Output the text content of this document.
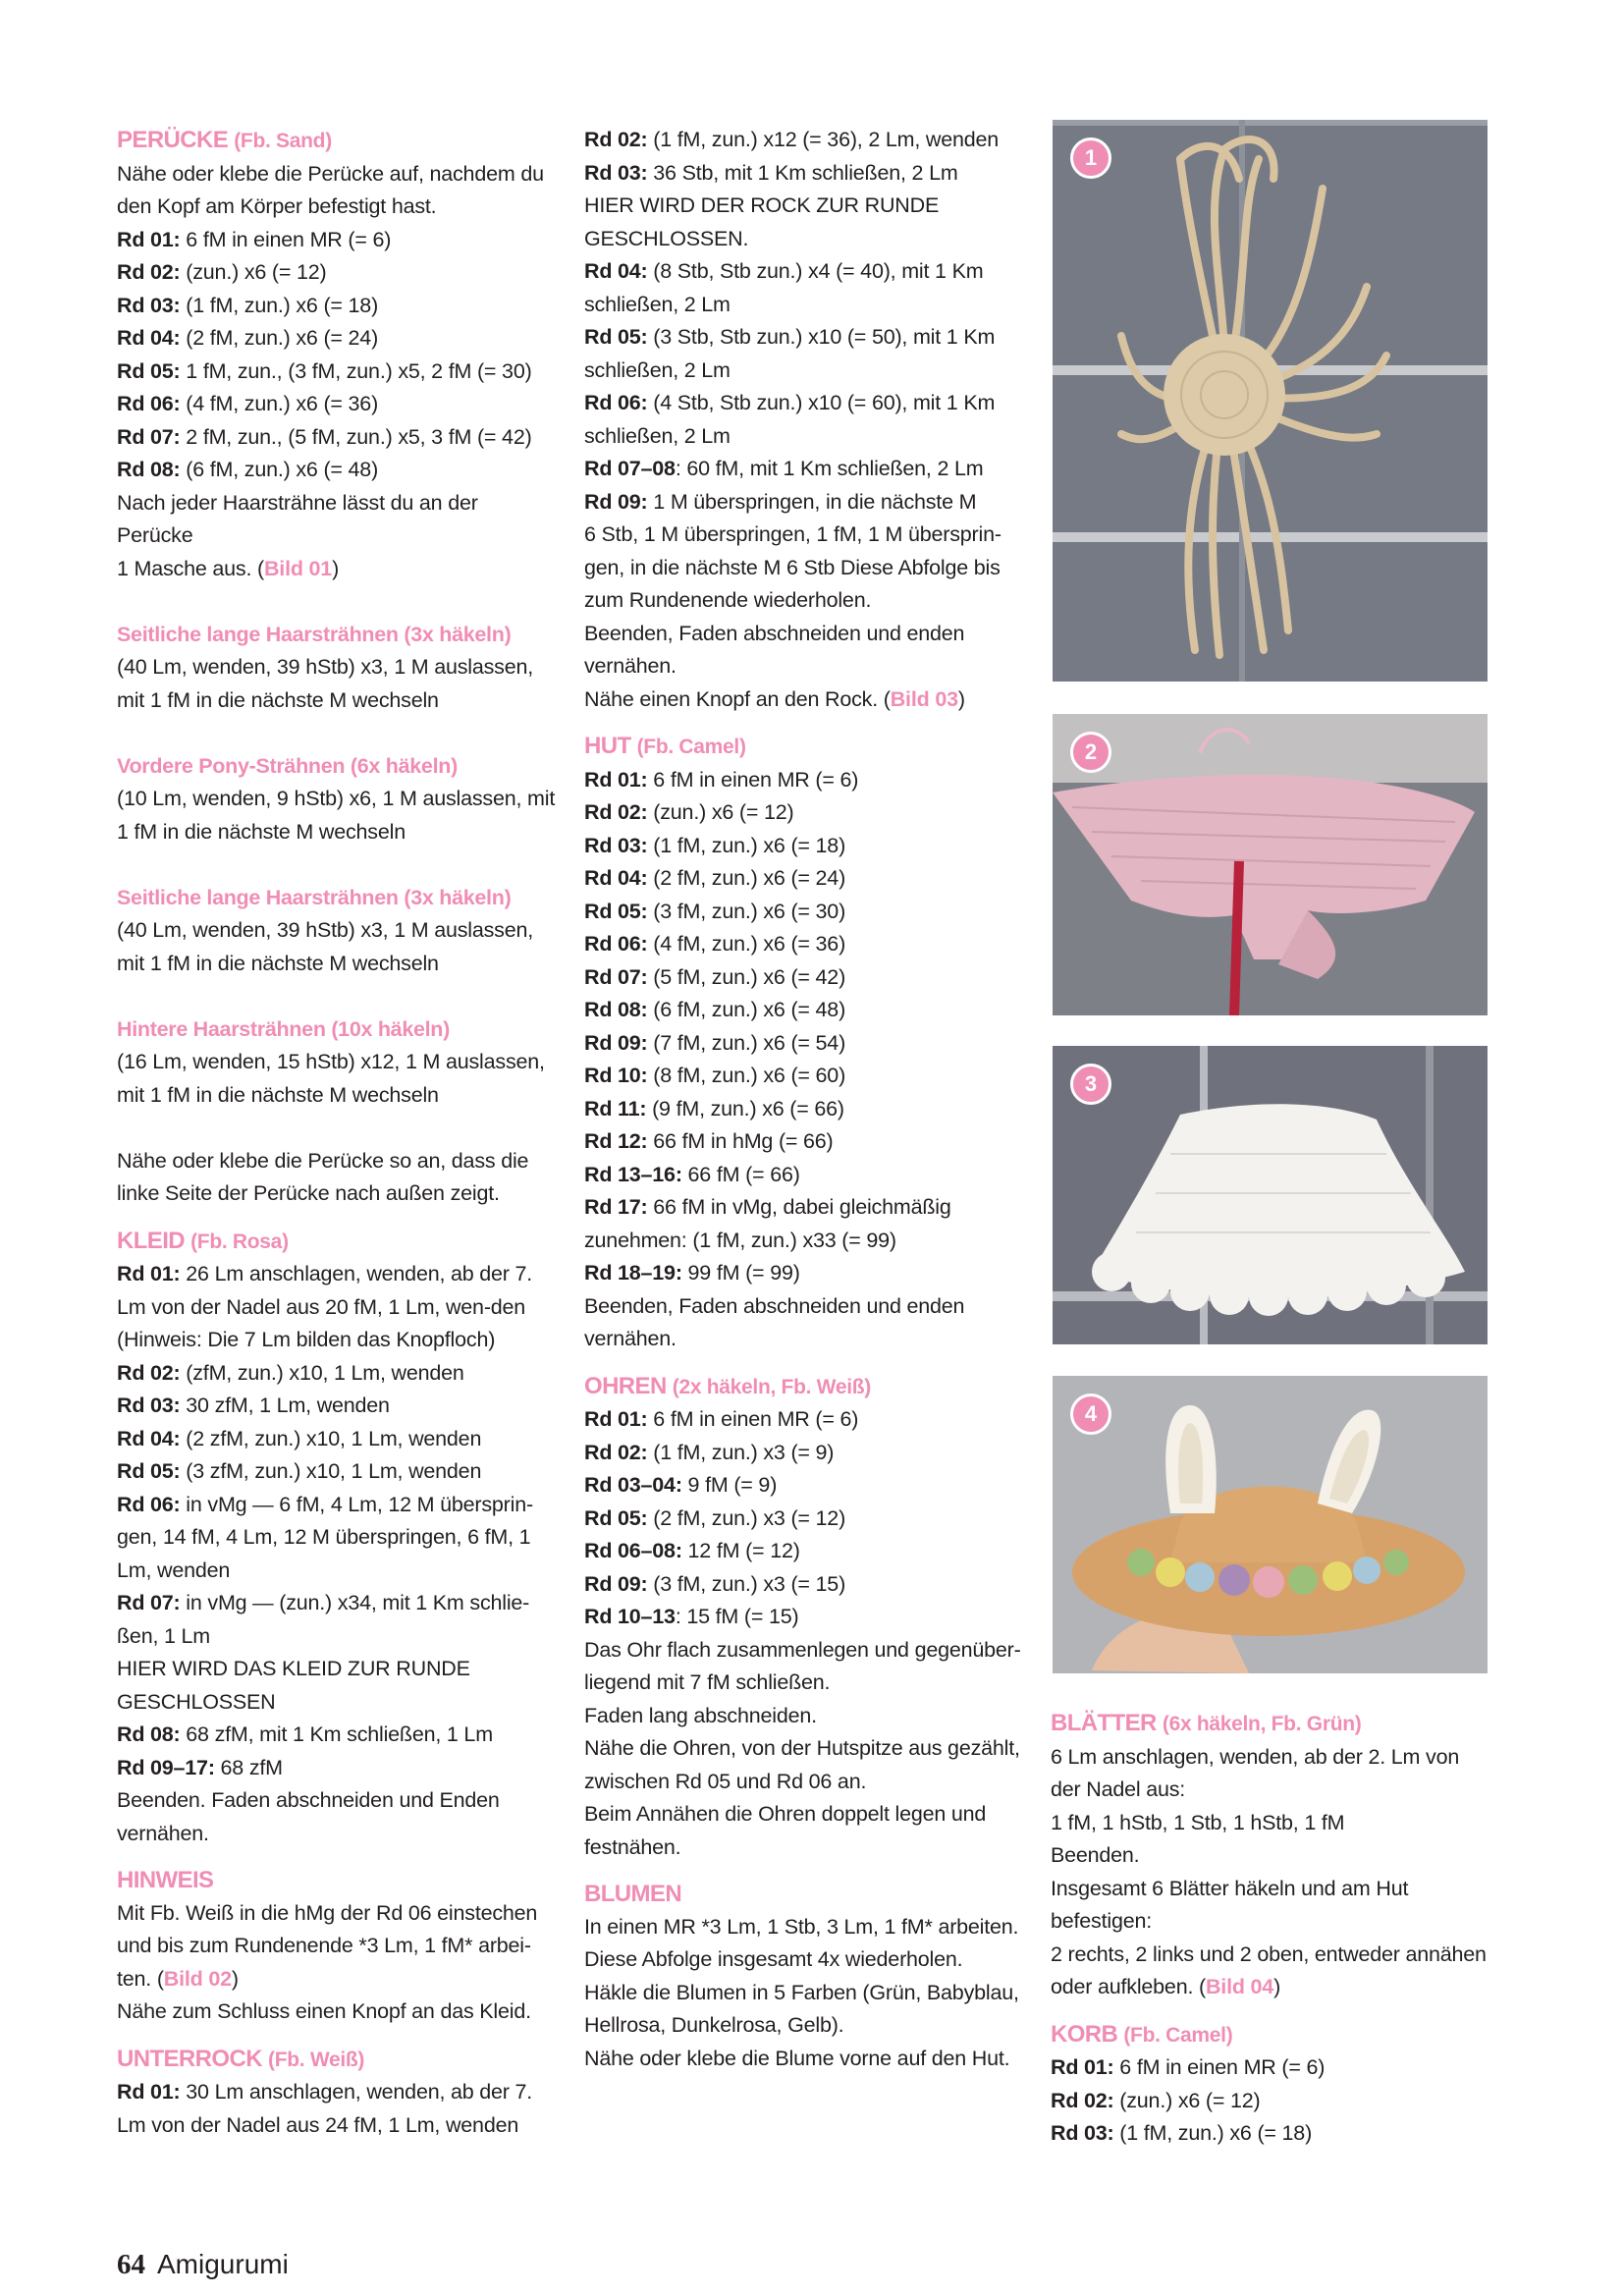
PERÜCKE (Fb. Sand)

Nähe oder klebe die Perücke auf, nachdem du

den Kopf am Körper befestigt hast.

Rd 01: 6 fM in einen MR (= 6)

Rd 02: (zun.) x6 (= 12)

Rd 03: (1 fM, zun.) x6 (= 18)

Rd 04: (2 fM, zun.) x6 (= 24)

Rd 05: 1 fM, zun., (3 fM, zun.) x5, 2 fM (= 30)

Rd 06: (4 fM, zun.) x6 (= 36)

Rd 07: 2 fM, zun., (5 fM, zun.) x5, 3 fM (= 42)

Rd 08: (6 fM, zun.) x6 (= 48)

Nach jeder Haarsträhne lässt du an der Perücke

1 Masche aus. (Bild 01)

Seitliche lange Haarsträhnen (3x häkeln)

(40 Lm, wenden, 39 hStb) x3, 1 M auslassen,

mit 1 fM in die nächste M wechseln

Vordere Pony-Strähnen (6x häkeln)

(10 Lm, wenden, 9 hStb) x6, 1 M auslassen, mit

1 fM in die nächste M wechseln

Seitliche lange Haarsträhnen (3x häkeln)

(40 Lm, wenden, 39 hStb) x3, 1 M auslassen,

mit 1 fM in die nächste M wechseln

Hintere Haarsträhnen (10x häkeln)

(16 Lm, wenden, 15 hStb) x12, 1 M auslassen,

mit 1 fM in die nächste M wechseln

Nähe oder klebe die Perücke so an, dass die

linke Seite der Perücke nach außen zeigt.

KLEID (Fb. Rosa)

Rd 01: 26 Lm anschlagen, wenden, ab der 7.

Lm von der Nadel aus 20 fM, 1 Lm, wen-den

(Hinweis: Die 7 Lm bilden das Knopfloch)

Rd 02: (zfM, zun.) x10, 1 Lm, wenden

Rd 03: 30 zfM, 1 Lm, wenden

Rd 04: (2 zfM, zun.) x10, 1 Lm, wenden

Rd 05: (3 zfM, zun.) x10, 1 Lm, wenden

Rd 06: in vMg — 6 fM, 4 Lm, 12 M übersprin-

gen, 14 fM, 4 Lm, 12 M überspringen, 6 fM, 1

Lm, wenden

Rd 07: in vMg — (zun.) x34, mit 1 Km schlie-

ßen, 1 Lm

HIER WIRD DAS KLEID ZUR RUNDE

GESCHLOSSEN

Rd 08: 68 zfM, mit 1 Km schließen, 1 Lm

Rd 09–17: 68 zfM

Beenden. Faden abschneiden und Enden

vernähen.

HINWEIS

Mit Fb. Weiß in die hMg der Rd 06 einstechen

und bis zum Rundenende *3 Lm, 1 fM* arbei-

ten. (Bild 02)

Nähe zum Schluss einen Knopf an das Kleid.

UNTERROCK (Fb. Weiß)

Rd 01: 30 Lm anschlagen, wenden, ab der 7.

Lm von der Nadel aus 24 fM, 1 Lm, wenden

Rd 02: (1 fM, zun.) x12 (= 36), 2 Lm, wenden

Rd 03: 36 Stb, mit 1 Km schließen, 2 Lm

HIER WIRD DER ROCK ZUR RUNDE

GESCHLOSSEN.

Rd 04: (8 Stb, Stb zun.) x4 (= 40), mit 1 Km

schließen, 2 Lm

Rd 05: (3 Stb, Stb zun.) x10 (= 50), mit 1 Km

schließen, 2 Lm

Rd 06: (4 Stb, Stb zun.) x10 (= 60), mit 1 Km

schließen, 2 Lm

Rd 07–08: 60 fM, mit 1 Km schließen, 2 Lm

Rd 09: 1 M überspringen, in die nächste M

6 Stb, 1 M überspringen, 1 fM, 1 M übersprin-

gen, in die nächste M 6 Stb Diese Abfolge bis

zum Rundenende wiederholen.

Beenden, Faden abschneiden und enden

vernähen.

Nähe einen Knopf an den Rock. (Bild 03)

HUT (Fb. Camel)

Rd 01: 6 fM in einen MR (= 6)

Rd 02: (zun.) x6 (= 12)

Rd 03: (1 fM, zun.) x6 (= 18)

Rd 04: (2 fM, zun.) x6 (= 24)

Rd 05: (3 fM, zun.) x6 (= 30)

Rd 06: (4 fM, zun.) x6 (= 36)

Rd 07: (5 fM, zun.) x6 (= 42)

Rd 08: (6 fM, zun.) x6 (= 48)

Rd 09: (7 fM, zun.) x6 (= 54)

Rd 10: (8 fM, zun.) x6 (= 60)

Rd 11: (9 fM, zun.) x6 (= 66)

Rd 12: 66 fM in hMg (= 66)

Rd 13–16: 66 fM (= 66)

Rd 17: 66 fM in vMg, dabei gleichmäßig

zunehmen: (1 fM, zun.) x33 (= 99)

Rd 18–19: 99 fM (= 99)

Beenden, Faden abschneiden und enden

vernähen.

OHREN (2x häkeln, Fb. Weiß)

Rd 01: 6 fM in einen MR (= 6)

Rd 02: (1 fM, zun.) x3 (= 9)

Rd 03–04: 9 fM (= 9)

Rd 05: (2 fM, zun.) x3 (= 12)

Rd 06–08: 12 fM (= 12)

Rd 09: (3 fM, zun.) x3 (= 15)

Rd 10–13: 15 fM (= 15)

Das Ohr flach zusammenlegen und gegenüber-

liegend mit 7 fM schließen.

Faden lang abschneiden.

Nähe die Ohren, von der Hutspitze aus gezählt,

zwischen Rd 05 und Rd 06 an.

Beim Annähen die Ohren doppelt legen und

festnähen.

BLUMEN

In einen MR *3 Lm, 1 Stb, 3 Lm, 1 fM* arbeiten.

Diese Abfolge insgesamt 4x wiederholen.

Häkle die Blumen in 5 Farben (Grün, Babyblau,

Hellrosa, Dunkelrosa, Gelb).

Nähe oder klebe die Blume vorne auf den Hut.

1
2
3
4

BLÄTTER (6x häkeln, Fb. Grün)

6 Lm anschlagen, wenden, ab der 2. Lm von

der Nadel aus:

1 fM, 1 hStb, 1 Stb, 1 hStb, 1 fM

Beenden.

Insgesamt 6 Blätter häkeln und am Hut

befestigen:

2 rechts, 2 links und 2 oben, entweder annähen

oder aufkleben. (Bild 04)

KORB (Fb. Camel)

Rd 01: 6 fM in einen MR (= 6)

Rd 02: (zun.) x6 (= 12)

Rd 03: (1 fM, zun.) x6 (= 18)

64 Amigurumi
